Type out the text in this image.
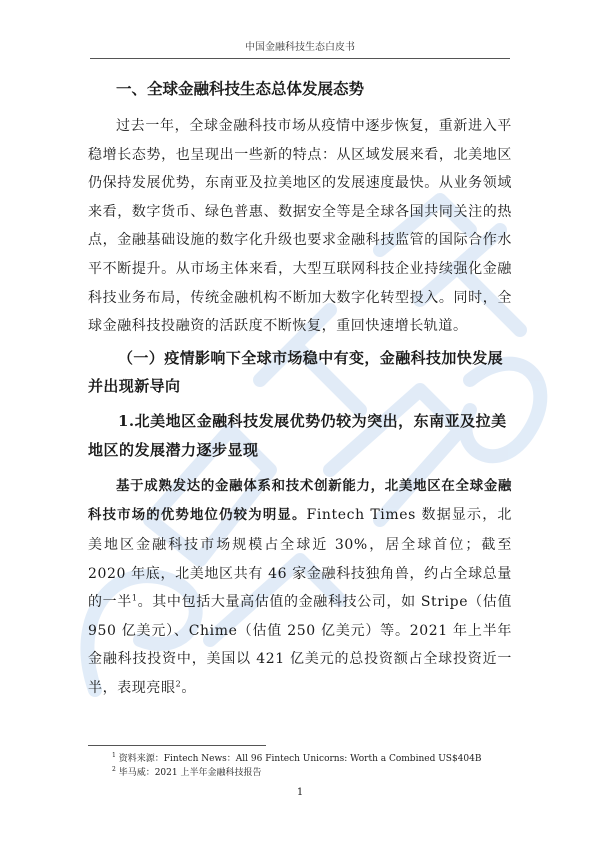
中国金融科技生态白皮书
一、全球金融科技生态总体发展态势

过去一年，全球金融科技市场从疫情中逐步恢复，重新进入平稳增长态势，也呈现出一些新的特点：从区域发展来看，北美地区仍保持发展优势，东南亚及拉美地区的发展速度最快。从业务领域来看，数字货币、绿色普惠、数据安全等是全球各国共同关注的热点，金融基础设施的数字化升级也要求金融科技监管的国际合作水平不断提升。从市场主体来看，大型互联网科技企业持续强化金融科技业务布局，传统金融机构不断加大数字化转型投入。同时，全球金融科技投融资的活跃度不断恢复，重回快速增长轨道。

（一）疫情影响下全球市场稳中有变，金融科技加快发展并出现新导向
1.北美地区金融科技发展优势仍较为突出，东南亚及拉美地区的发展潜力逐步显现

基于成熟发达的金融体系和技术创新能力，北美地区在全球金融科技市场的优势地位仍较为明显。Fintech Times 数据显示，北美地区金融科技市场规模占全球近 30%，居全球首位；截至 2020 年底，北美地区共有 46 家金融科技独角兽，约占全球总量的一半$^1$。其中包括大量高估值的金融科技公司，如 Stripe（估值 950 亿美元）、Chime（估值 250 亿美元）等。2021 年上半年金融科技投资中，美国以 421 亿美元的总投资额占全球投资近一半，表现亮眼$^2$。

$^1$ 资料来源：Fintech News：All 96 Fintech Unicorns: Worth a Combined US$404B
$^2$ 毕马威：2021 上半年金融科技报告
1
